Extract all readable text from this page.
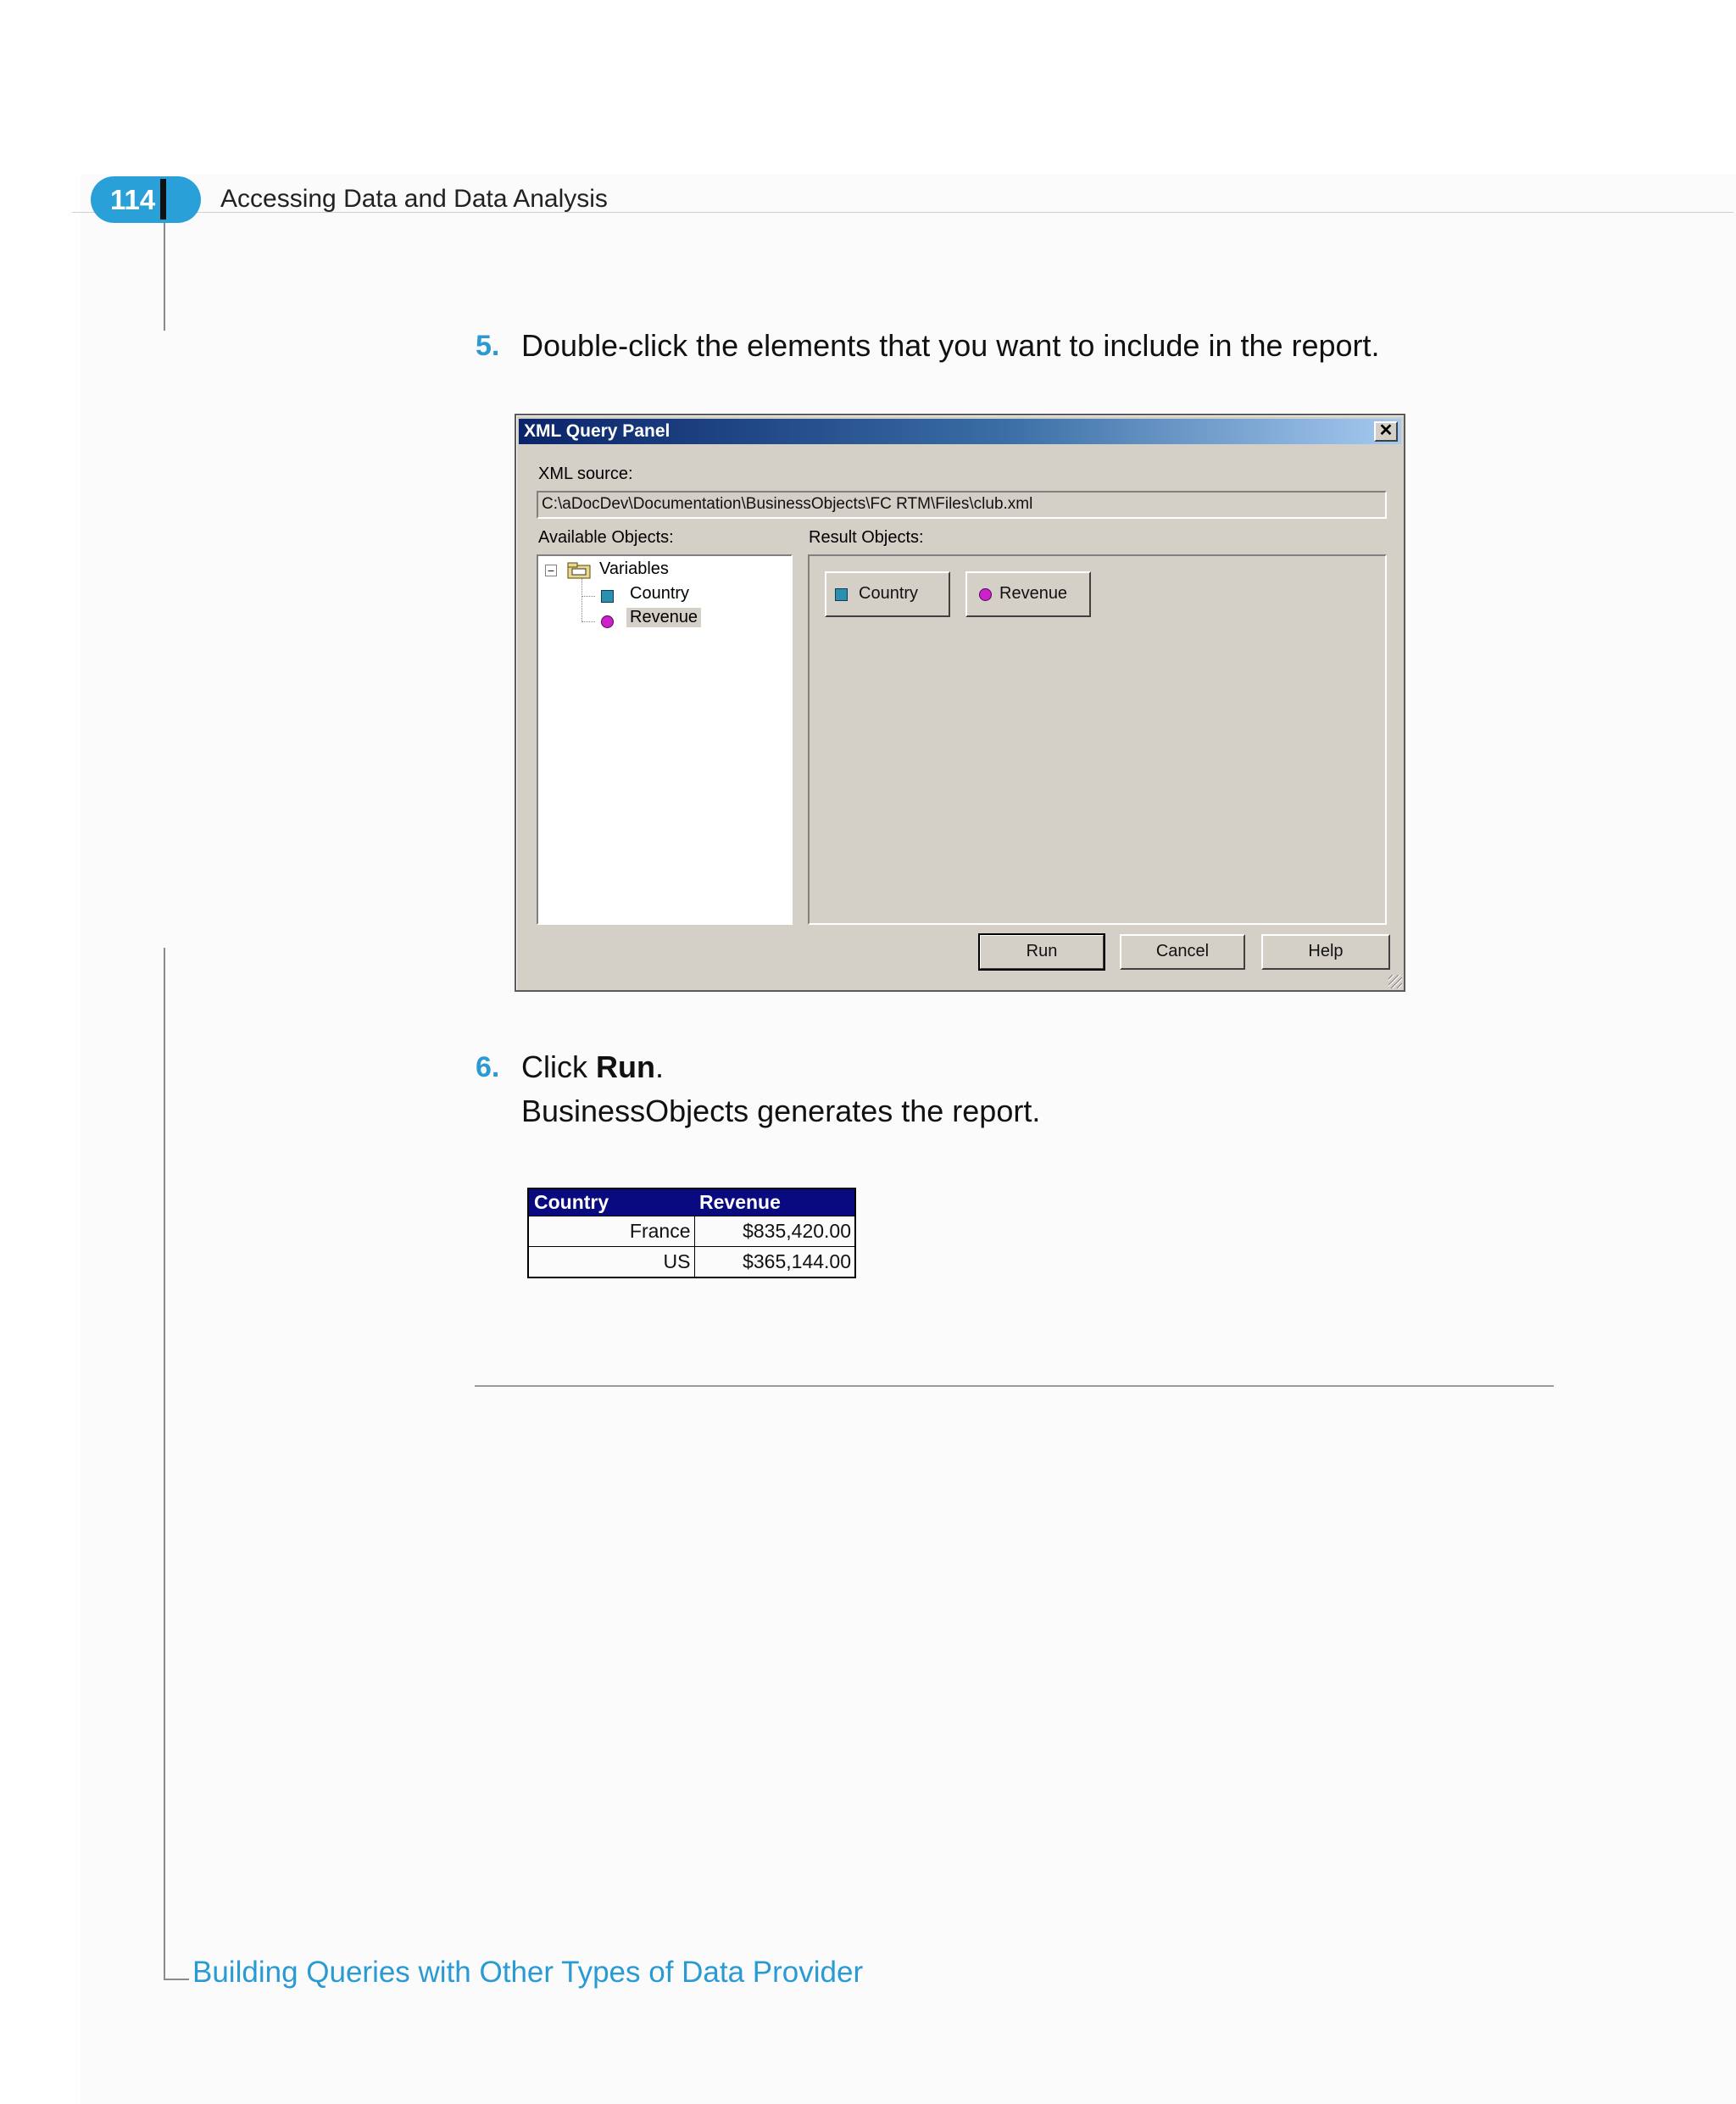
114	Accessing Data and Data Analysis
5. Double-click the elements that you want to include in the report.
XML Query Panel	✕
XML source:
C:\aDocDev\Documentation\BusinessObjects\FC RTM\Files\club.xml
Available Objects:	Result Objects:
−	Variables
Country
Revenue
Country	Revenue
Run	Cancel	Help
6. Click Run.
BusinessObjects generates the report.
Country	Revenue
France	$835,420.00
US	$365,144.00
Building Queries with Other Types of Data Provider
